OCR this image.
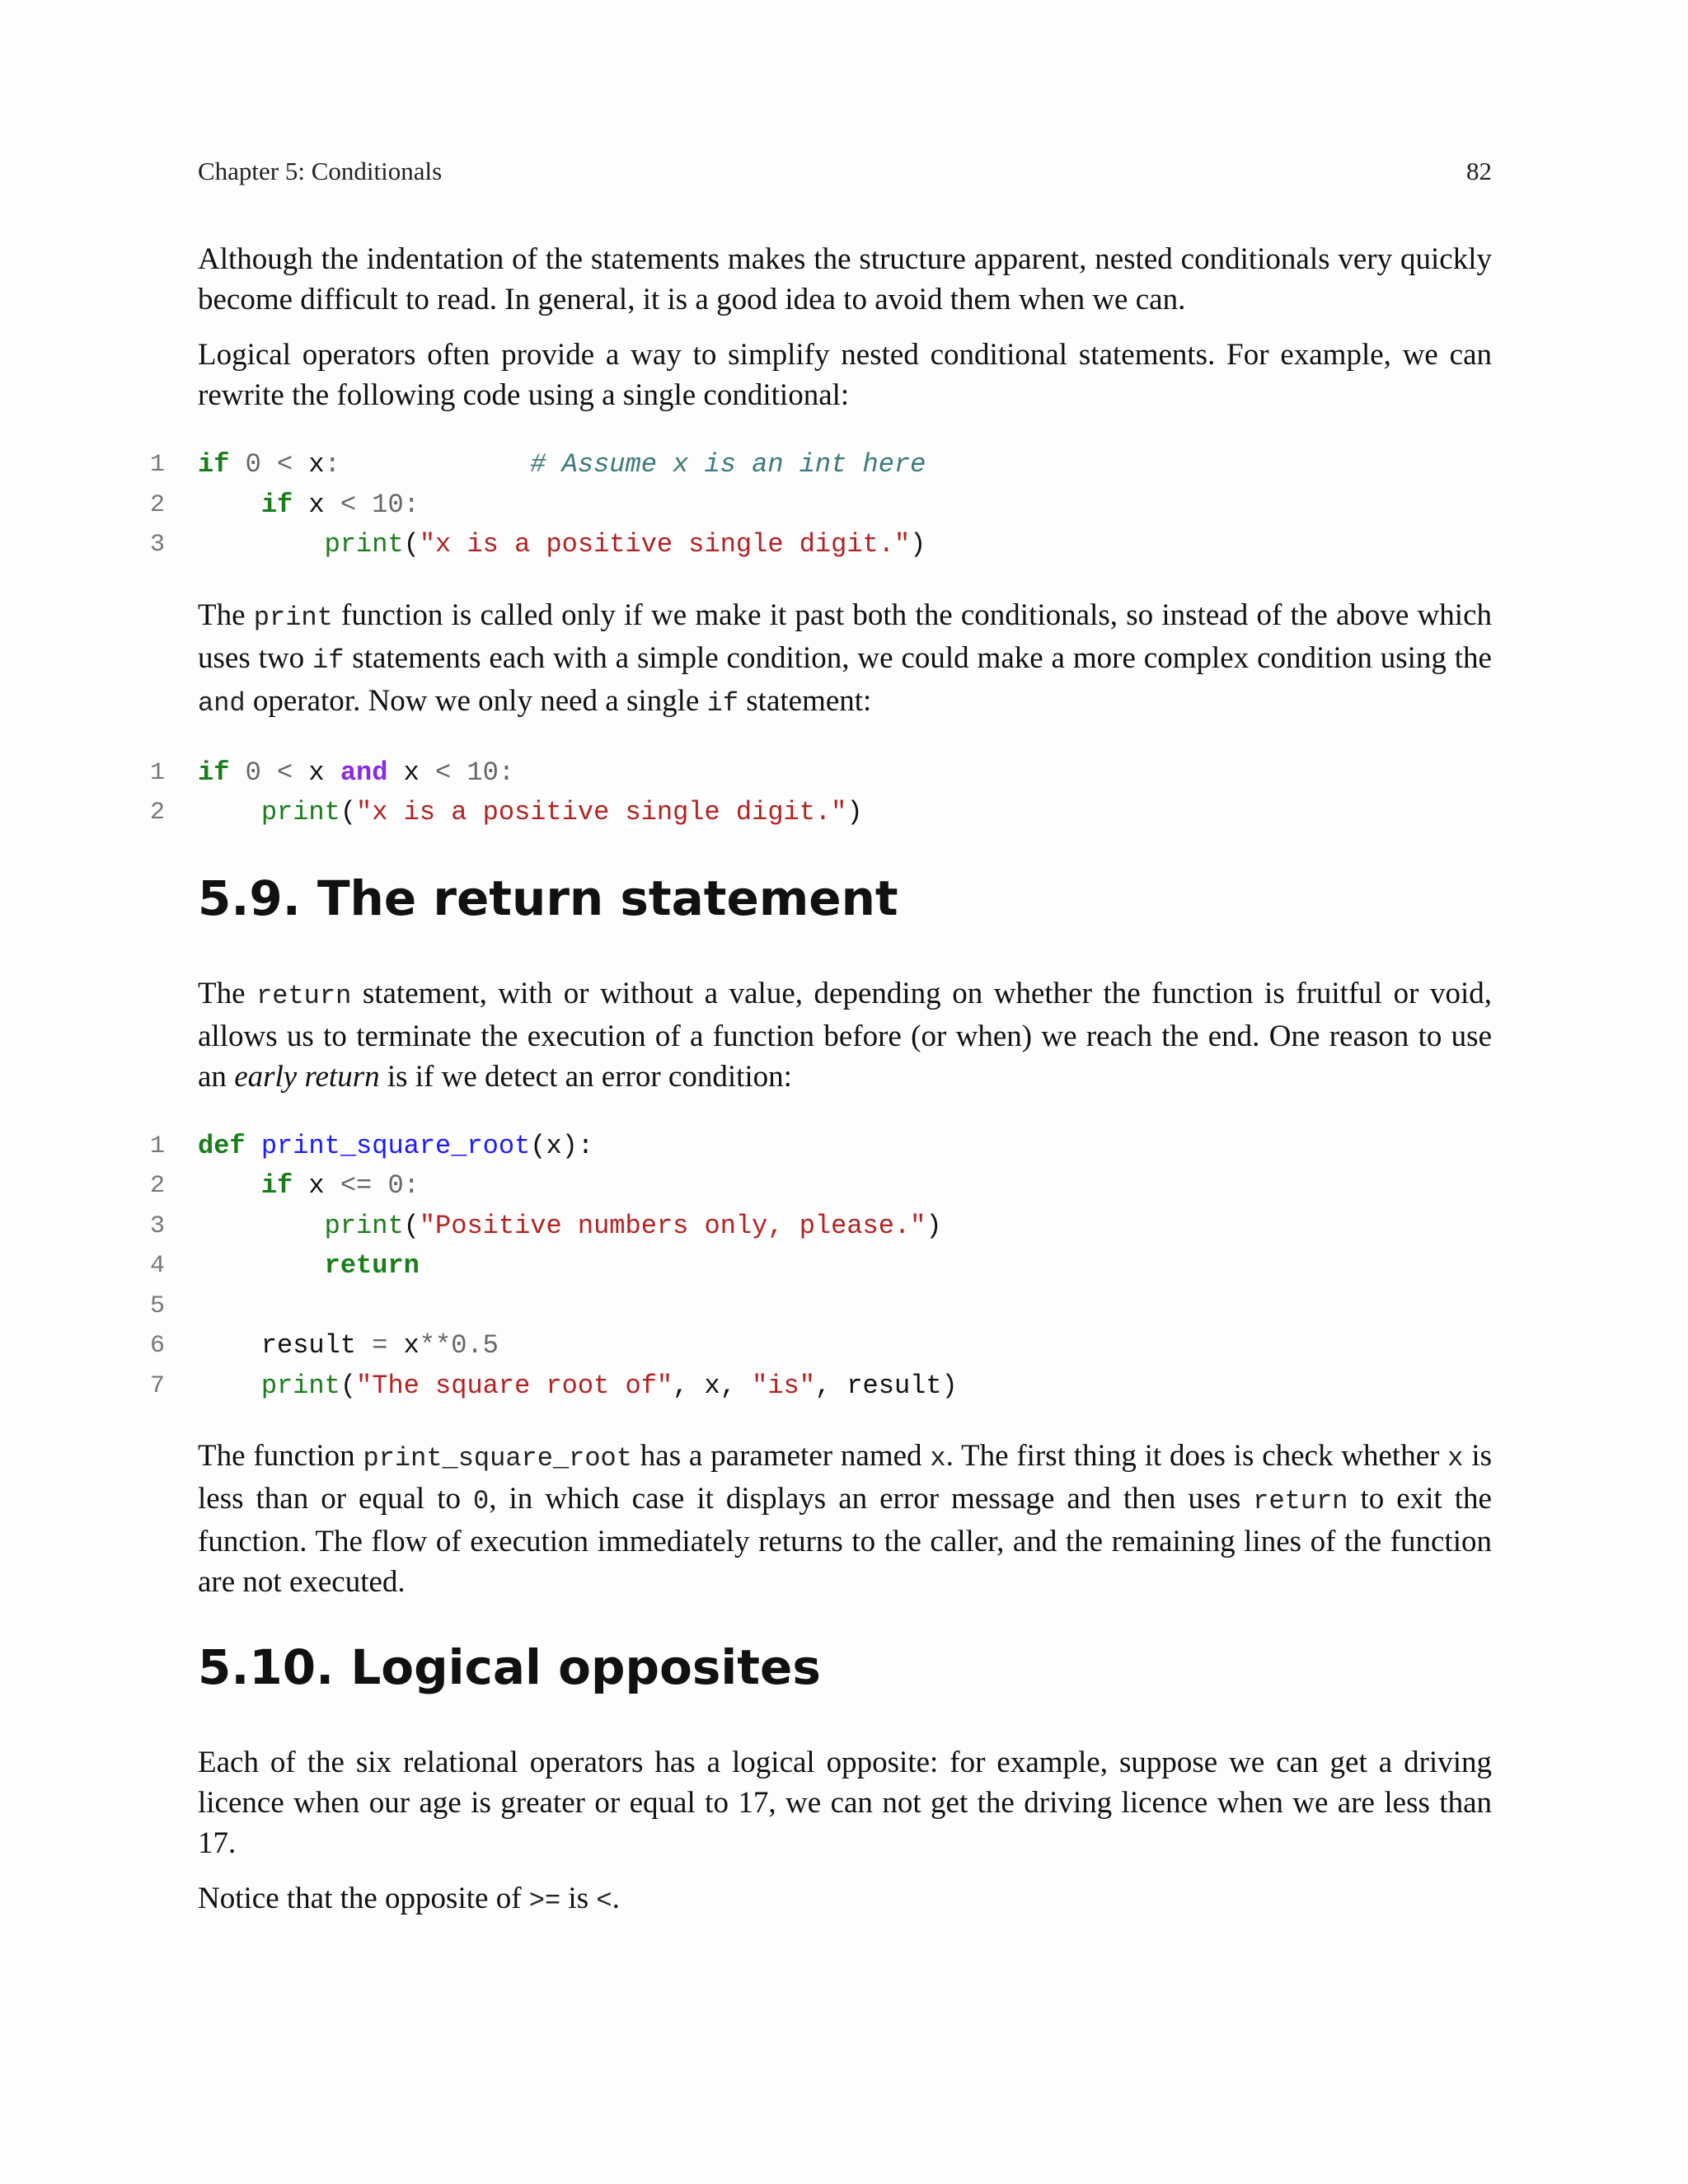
Chapter 5: Conditionals	82

Although the indentation of the statements makes the structure apparent, nested conditionals very quickly become difficult to read. In general, it is a good idea to avoid them when we can.

Logical operators often provide a way to simplify nested conditional statements. For example, we can rewrite the following code using a single conditional:

1 if 0 < x:	# Assume x is an int here
2	if x < 10:
3	print("x is a positive single digit.")

The print function is called only if we make it past both the conditionals, so instead of the above which uses two if statements each with a simple condition, we could make a more complex condition using the and operator. Now we only need a single if statement:

1 if 0 < x and x < 10:
2	print("x is a positive single digit.")
5.9. The return statement

The return statement, with or without a value, depending on whether the function is fruitful or void, allows us to terminate the execution of a function before (or when) we reach the end. One reason to use an early return is if we detect an error condition:

1 def print_square_root(x):
2	if x <= 0:
3	print("Positive numbers only, please.")
4	return
5
6	result = x**0.5
7	print("The square root of", x, "is", result)

The function print_square_root has a parameter named x. The first thing it does is check whether x is less than or equal to 0, in which case it displays an error message and then uses return to exit the function. The flow of execution immediately returns to the caller, and the remaining lines of the function are not executed.

5.10. Logical opposites

Each of the six relational operators has a logical opposite: for example, suppose we can get a driving licence when our age is greater or equal to 17, we can not get the driving licence when we are less than 17.

Notice that the opposite of >= is <.
